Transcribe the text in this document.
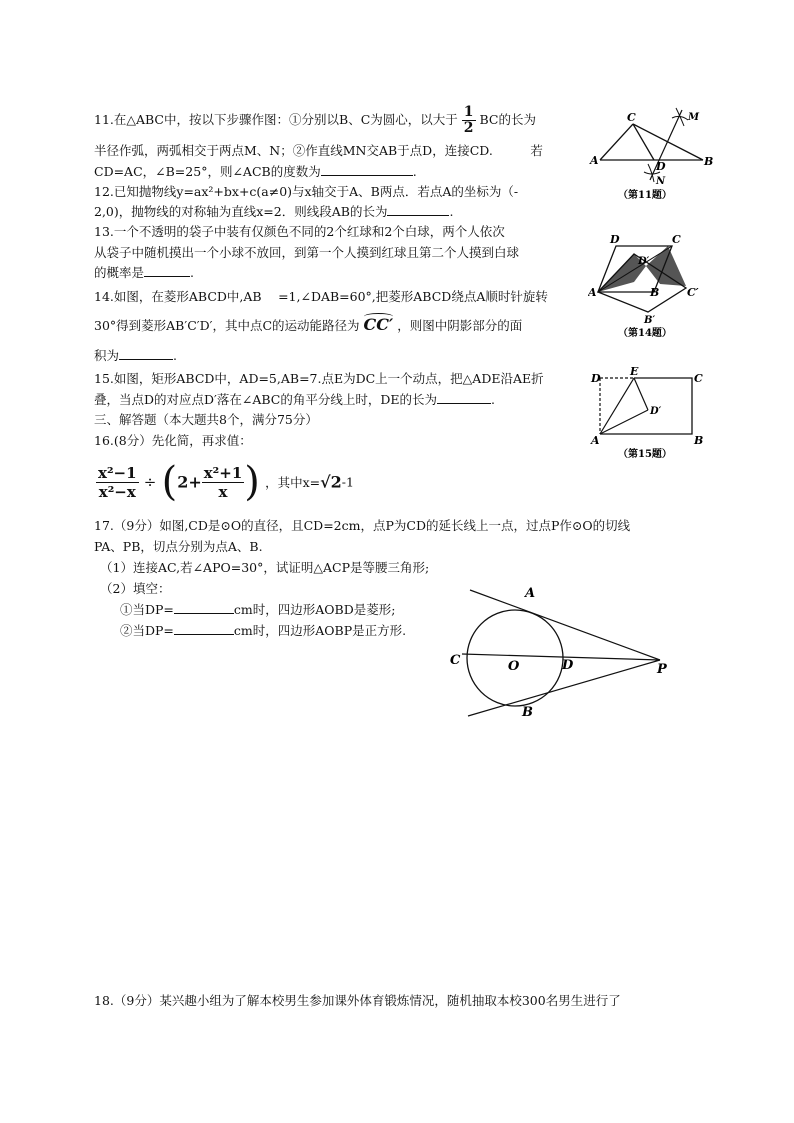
11.在△ABC中，按以下步骤作图：①分别以B、C为圆心，以大于 $\frac{1}{2}$ BC的长为
半径作弧，两弧相交于两点M、N；②作直线MN交AB于点D，连接CD.　　　若
CD=AC，∠B=25°，则∠ACB的度数为	.
12.已知抛物线y=ax²+bx+c(a≠0)与x轴交于A、B两点．若点A的坐标为（-
2,0)，抛物线的对称轴为直线x=2．则线段AB的长为	.
13.一个不透明的袋子中装有仅颜色不同的2个红球和2个白球，两个人依次
从袋子中随机摸出一个小球不放回，到第一个人摸到红球且第二个人摸到白球
的概率是	.
14.如图，在菱形ABCD中,AB　 =1,∠DAB=60°,把菱形ABCD绕点A顺时针旋转
30°得到菱形AB′C′D′，其中点C的运动能路径为 CC′ ，则图中阴影部分的面
积为	.
15.如图，矩形ABCD中，AD=5,AB=7.点E为DC上一个动点，把△ADE沿AE折
叠，当点D的对应点D′落在∠ABC的角平分线上时，DE的长为	.
三、解答题（本大题共8个，满分75分）
16.(8分）先化简，再求值：
$\frac{\text{x²−1}}{\text{x²−x}} \div (2+ \frac{\text{x²+1}}{x}$ ) ，其中x=√2-1
17.（9分）如图,CD是⊙O的直径，且CD=2cm，点P为CD的延长线上一点，过点P作⊙O的切线
PA、PB，切点分别为点A、B.
（1）连接AC,若∠APO=30°，试证明△ACP是等腰三角形;
（2）填空：
①当DP=	cm时，四边形AOBD是菱形;
②当DP=	cm时，四边形AOBP是正方形.
18.（9分）某兴趣小组为了解本校男生参加课外体育锻炼情况，随机抽取本校300名男生进行了
C	M
A	D
N
B
（第11题）
D	C
D′
A	B	C′
B′
（第14题）
D
E
C
D′
A	B
（第15题）
A
C	O	D	P
B
